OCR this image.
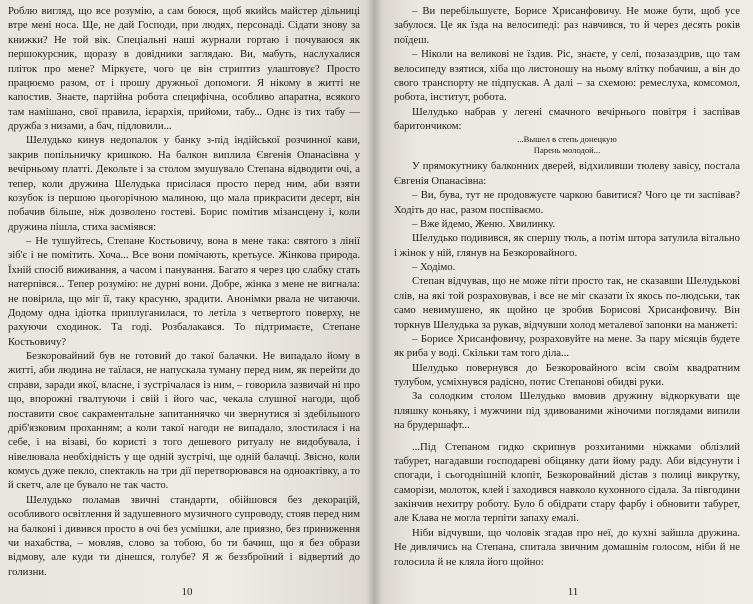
Роблю вигляд, що все розумію, а сам боюся, щоб якийсь майстер дільниці втре мені носа. Ще, не дай Господи, при людях, персонаді. Сідати знову за книжки? Не той вік. Спеціальні наші журнали гортаю і почуваюся як першокурсник, щоразу в довідники заглядаю. Ви, мабуть, наслухалися пліток про мене? Міркуєте, чого це він стриптиз улаштовує? Просто працюємо разом, от і прошу дружньої допомоги. Я нікому в житті не капостив. Знаєте, партійна робота специфічна, особливо апаратна, всякого там намішано, свої правила, ієрархія, прийоми, табу... Однє із тих табу — дружба з низами, а бач, підловили...

Шелудько кинув недопалок у банку з-під індійської розчинної кави, закрив попільничку кришкою. На балкон виплила Євгенія Опанасівна у вечірньому платті. Декольте і за столом змушувало Степана відводити очі, а тепер, коли дружина Шелудька присілася просто перед ним, аби взяти козубок із першою цьогорічною малиною, що мала прикрасити десерт, він побачив більше, ніж дозволено гостеві. Борис помітив мізансцену і, коли дружина пішла, стиха засміявся:

– Не тушуйтесь, Степане Костьовичу, вона в мене така: святого з лінії зіб'є і не помітить. Хоча... Все вони помічають, кретьусе. Жінкова природа. Їхній спосіб виживання, а часом і панування. Багато я через цю слабку стать натерпівся... Тепер розумію: не дурні вони. Добре, жінка з мене не вигнала: не повірила, що міг її, таку красуню, зрадити. Анонімки рвала не читаючи. Додому одна ідіотка приплуганилася, то летіла з четвертого поверху, не рахуючи сходинок. Та годі. Розбалакався. То підтримаєте, Степане Костьовичу?

Безкоровайний був не готовий до такої балачки. Не випадало йому в житті, аби людина не таїлася, не напускала туману перед ним, як перейти до справи, заради якої, власне, і зустрічалася із ним, – говорила зазвичай ні про що, впорожні гвалтуючи і свій і його час, чекала слушної нагоди, щоб поставити своє сакраментальне запитаннячко чи звернутися зі здебільшого дріб'язковим проханням; а коли такої нагоди не випадало, злостилася і на себе, і на візаві, бо користі з того дешевого ритуалу не видобувала, і нівелювала необхідність у ще одній зустрічі, ще одній балачці. Звісно, коли комусь дуже пекло, спектакль на три дії перетворювався на одноактівку, а то й скетч, але це бувало не так часто.

Шелудько поламав звичні стандарти, обійшовся без декорацій, особливого освітлення й задушевного музичного супроводу, стояв перед ним на балконі і дивився просто в очі без усмішки, але приязно, без приниження чи нахабства, – мовляв, слово за тобою, бо ти бачиш, що я без образи відмову, але куди ти дінешся, голубе? Я ж беззброїний і відвертий до голизни.

10

– Ви перебільшуєте, Борисе Хрисанфовичу. Не може бути, щоб усе забулося. Це як їзда на велосипеді: раз навчився, то й через десять років поїдеш.

– Ніколи на великові не їздив. Ріс, знаєте, у селі, позазаздрив, що там велосипеду взятися, хіба що листоношу на ньому влітку побачиш, а він до свого транспорту не підпускав. А далі – за схемою: ремеслуха, комсомол, робота, інститут, робота.

Шелудько набрав у легені смачного вечірнього повітря і заспівав баритончиком:

...Вышел в степь донецкую
Парень молодой...

У прямокутнику балконних дверей, відхиливши тюлеву завісу, постала Євгенія Опанасівна:

– Ви, бува, тут не продовжуєте чаркою бавитися? Чого це ти заспівав? Ходіть до нас, разом поспіваємо.

– Вже йдемо, Женю. Хвилинку.

Шелудько подивився, як спершу тюль, а потім штора затулила вітально і жінок у ній, глянув на Безкоровайного.

– Ходімо.

Степан відчував, що не може піти просто так, не сказавши Шелудькові слів, на які той розраховував, і все не міг сказати їх якось по-людськи, так само невимушено, як щойно це зробив Борисові Хрисанфовичу. Він торкнув Шелудька за рукав, відчувши холод металевої запонки на манжеті:

– Борисе Хрисанфовичу, розраховуйте на мене. За пару місяців будете як риба у воді. Скільки там того діла...

Шелудько повернувся до Безкоровайного всім своїм квадратним тулубом, усміхнувся радісно, потис Степанові обидві руки.

За солодким столом Шелудько вмовив дружину відкоркувати ще пляшку коньяку, і мужчини під здивованими жіночими поглядами випили на брудершафт...

...Під Степаном гидко скрипнув розхитаними ніжками облізлий табурет, нагадавши господареві обіцянку дати йому раду. Аби відсунути і спогади, і сьогоднішній клопіт, Безкоровайний дістав з полиці викрутку, саморізи, молоток, клей і заходився навколо кухонного сідала. За півгодини закінчив нехитру роботу. Було б обідрати стару фарбу і обновити табурет, але Клава не могла терпіти запаху емалі.

Ніби відчувши, що чоловік згадав про неї, до кухні зайшла дружина. Не дивлячись на Степана, спитала звичним домашнім голосом, ніби й не голосила й не кляла його щойно:

11
